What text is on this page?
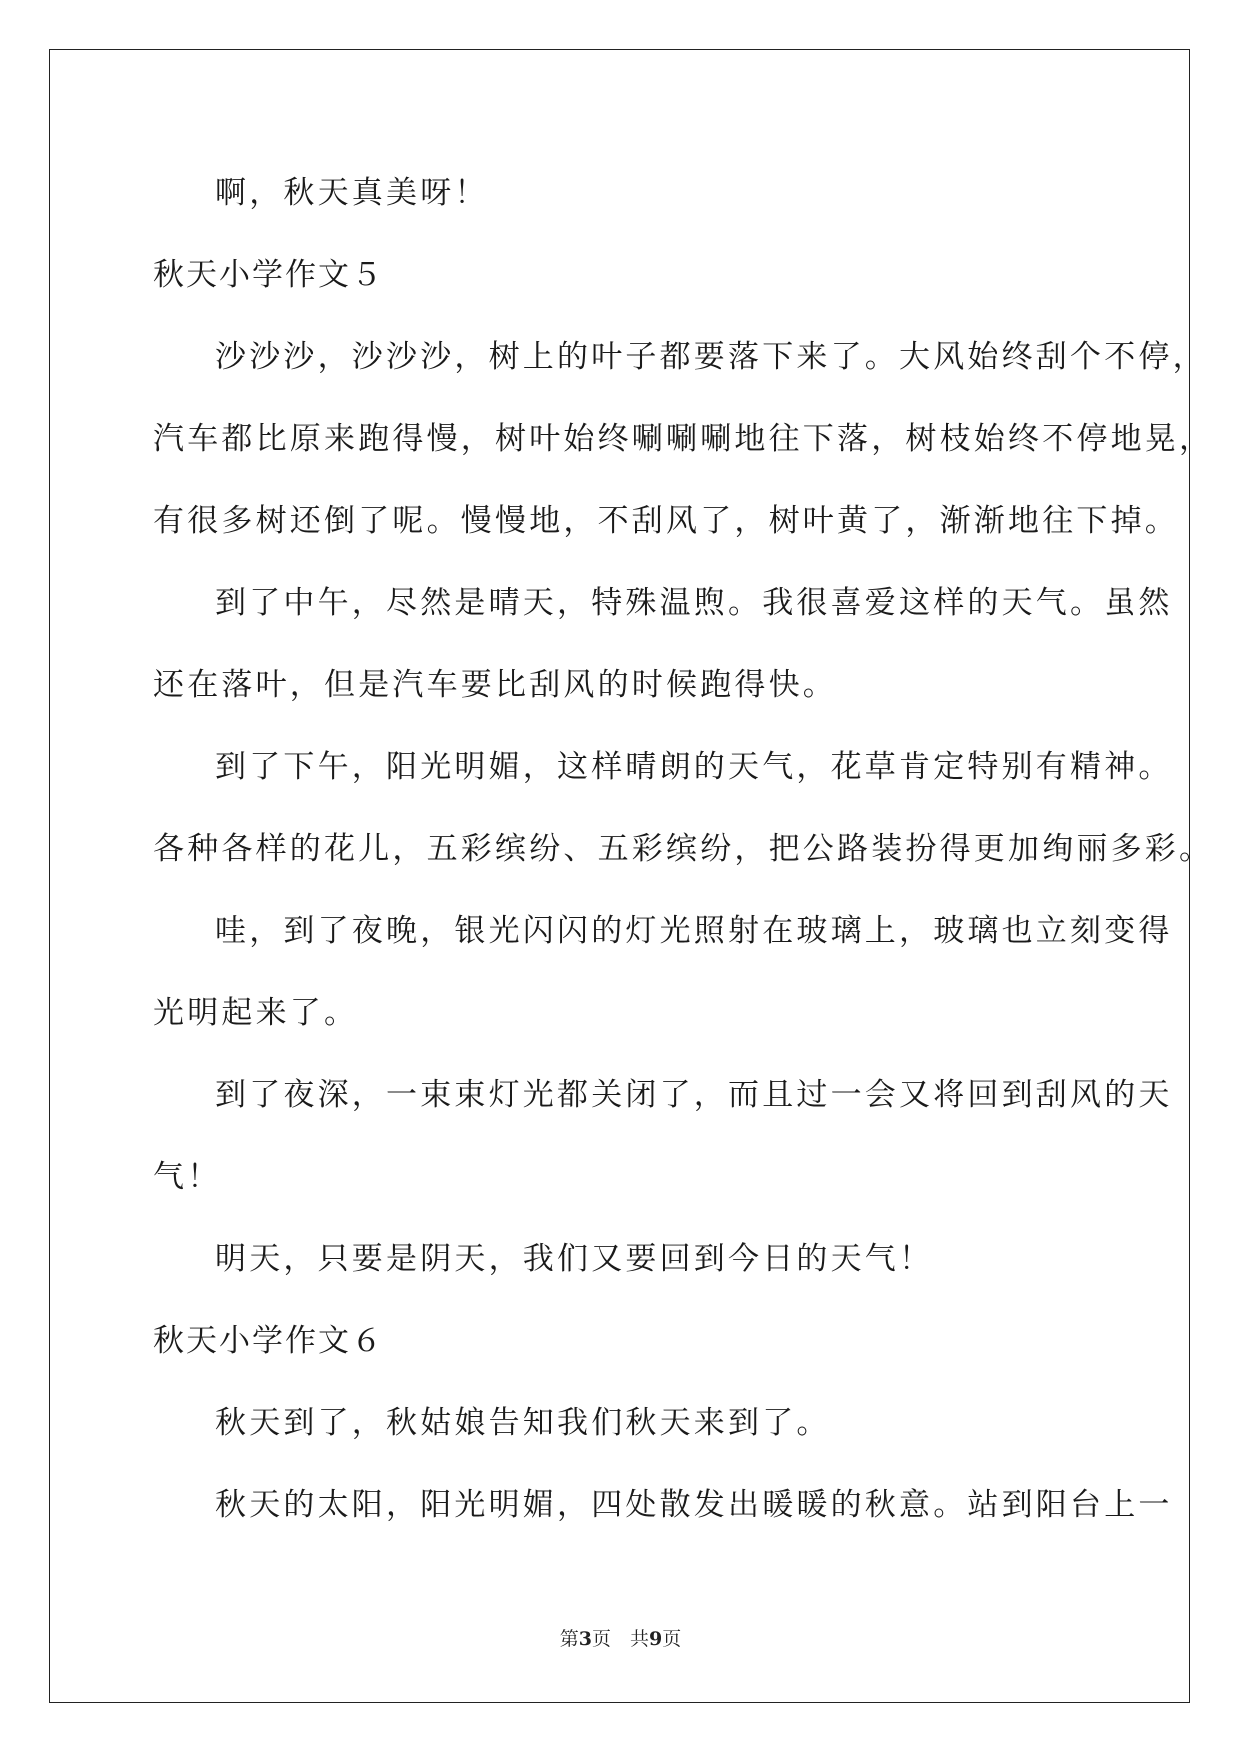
啊，秋天真美呀！
秋天小学作文５
沙沙沙，沙沙沙，树上的叶子都要落下来了。大风始终刮个不停，
汽车都比原来跑得慢，树叶始终唰唰唰地往下落，树枝始终不停地晃，
有很多树还倒了呢。慢慢地，不刮风了，树叶黄了，渐渐地往下掉。
到了中午，尽然是晴天，特殊温煦。我很喜爱这样的天气。虽然
还在落叶，但是汽车要比刮风的时候跑得快。
到了下午，阳光明媚，这样晴朗的天气，花草肯定特别有精神。
各种各样的花儿，五彩缤纷、五彩缤纷，把公路装扮得更加绚丽多彩。
哇，到了夜晚，银光闪闪的灯光照射在玻璃上，玻璃也立刻变得
光明起来了。
到了夜深，一束束灯光都关闭了，而且过一会又将回到刮风的天
气！
明天，只要是阴天，我们又要回到今日的天气！
秋天小学作文６
秋天到了，秋姑娘告知我们秋天来到了。
秋天的太阳，阳光明媚，四处散发出暖暖的秋意。站到阳台上一
第3页　共9页
